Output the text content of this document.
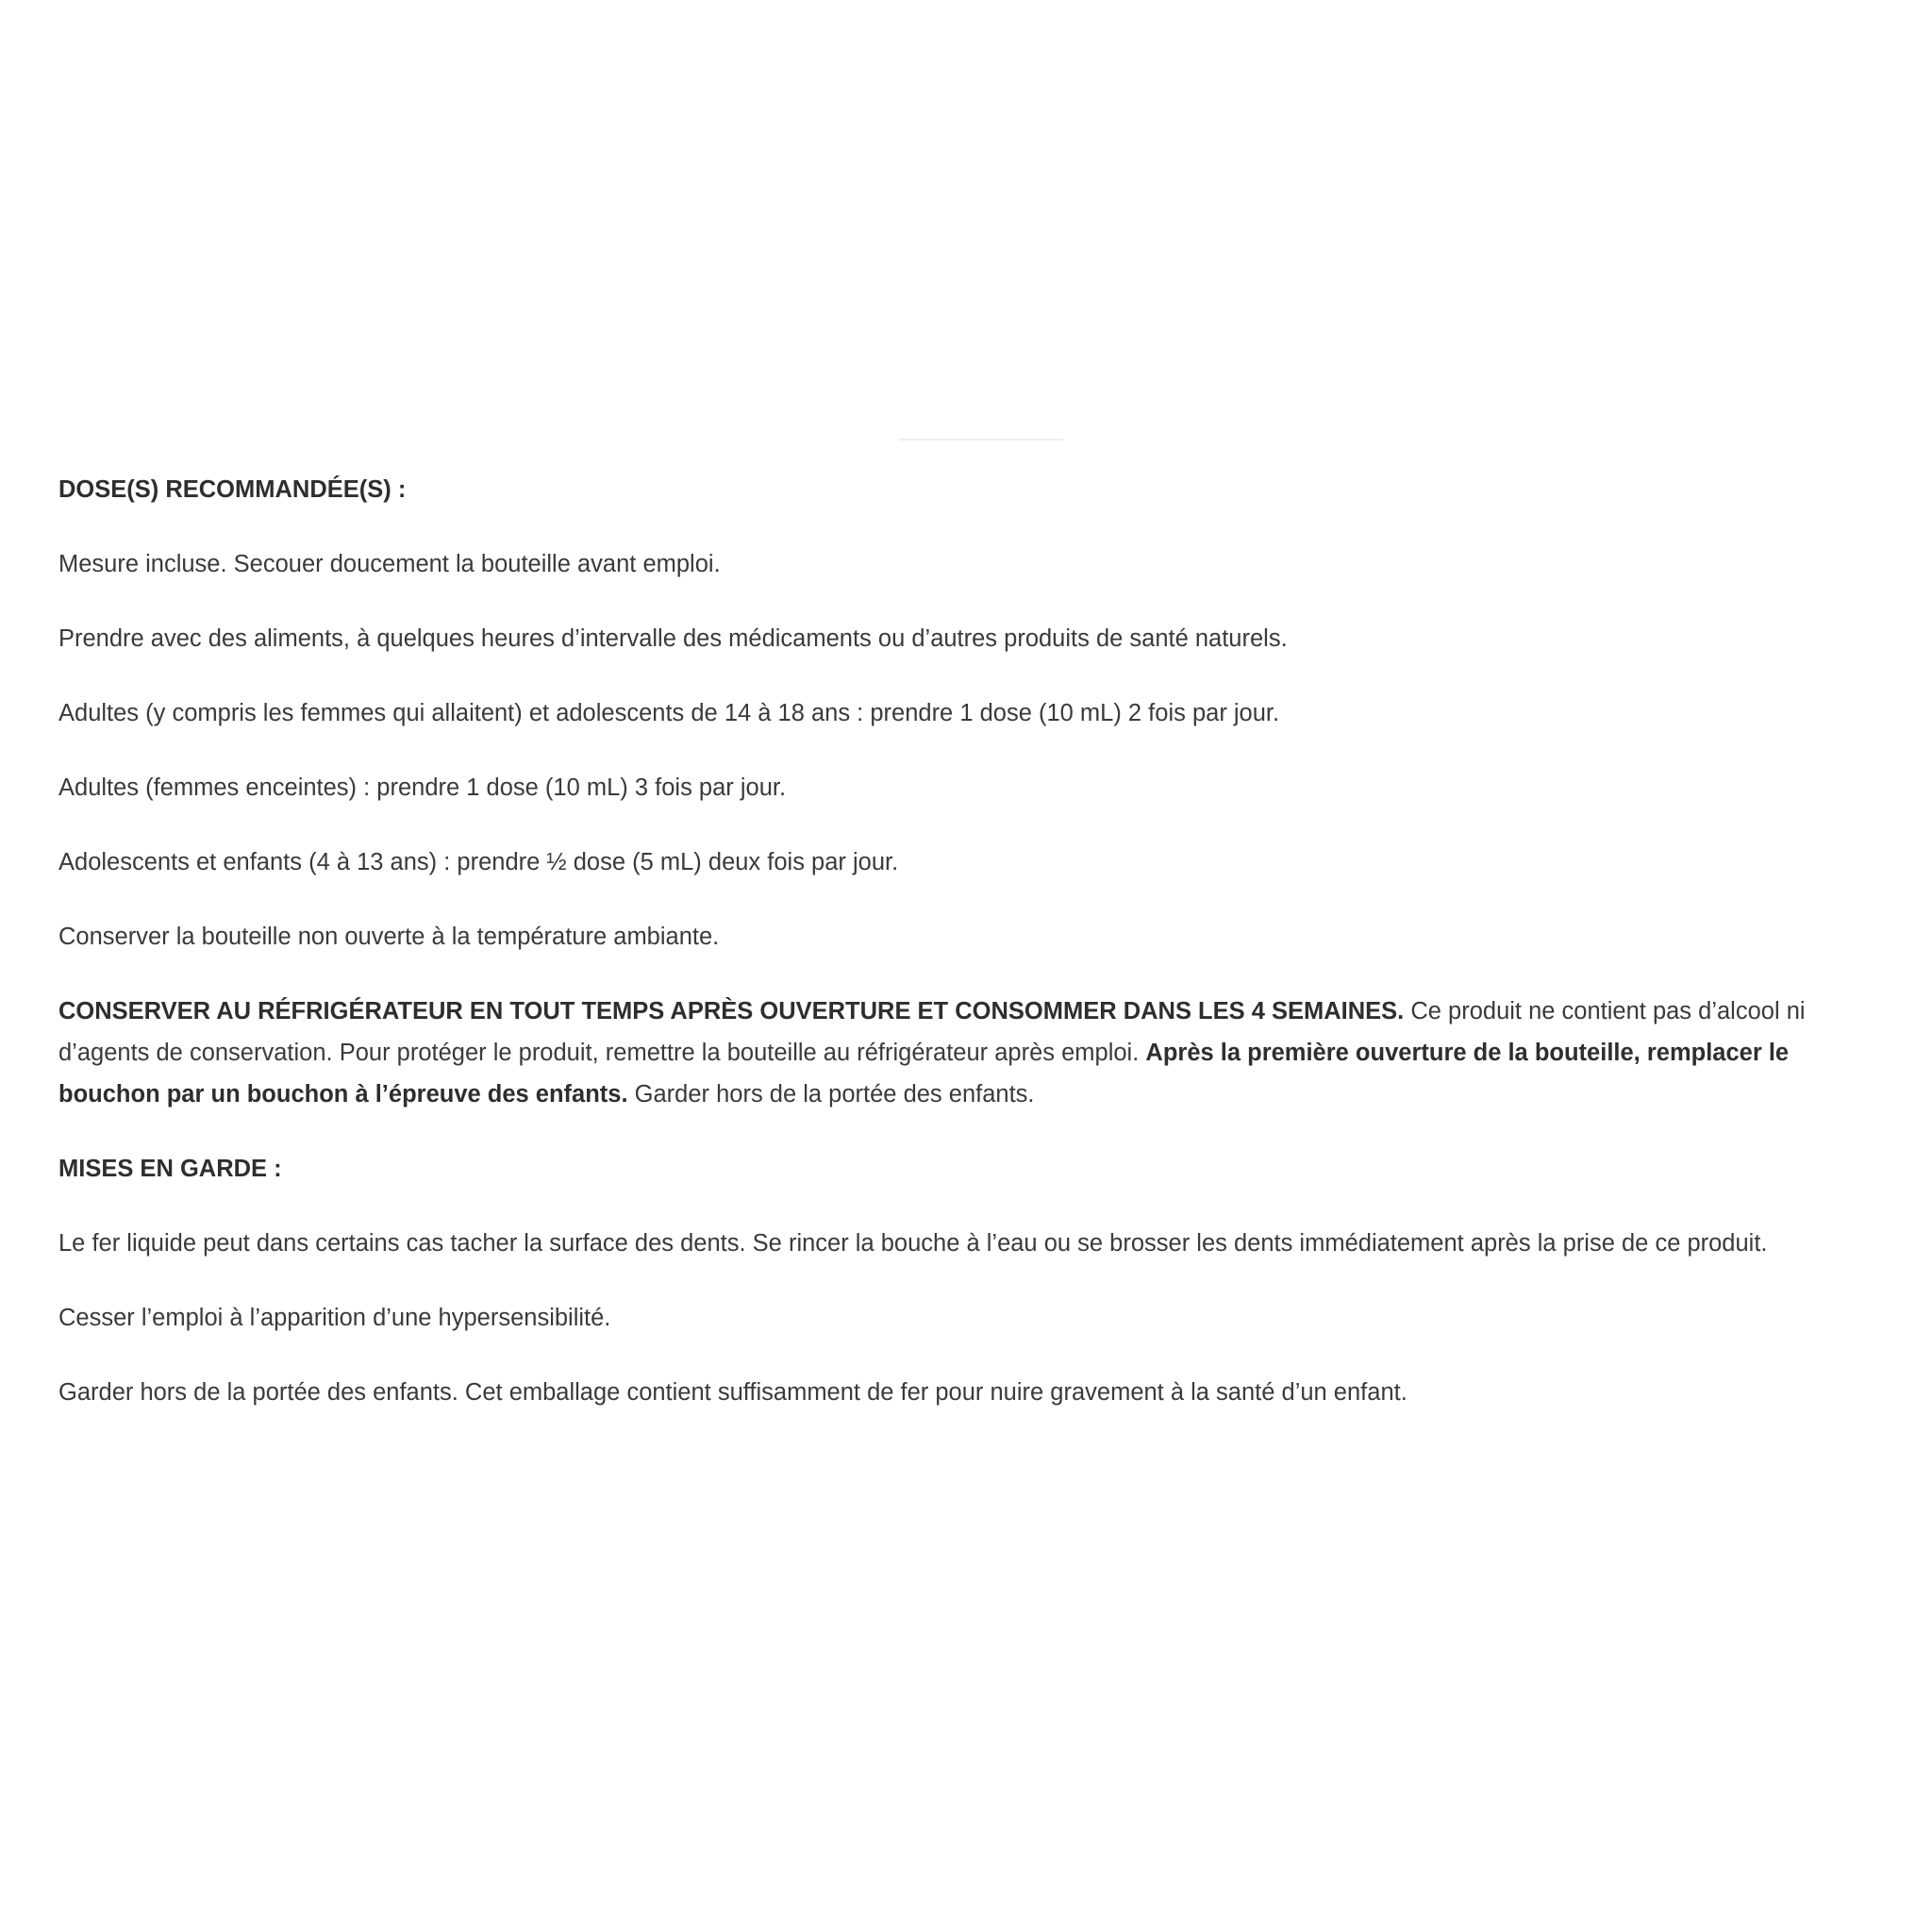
DOSE(S) RECOMMANDÉE(S) :
Mesure incluse. Secouer doucement la bouteille avant emploi.
Prendre avec des aliments, à quelques heures d’intervalle des médicaments ou d’autres produits de santé naturels.
Adultes (y compris les femmes qui allaitent) et adolescents de 14 à 18 ans : prendre 1 dose (10 mL) 2 fois par jour.
Adultes (femmes enceintes) : prendre 1 dose (10 mL) 3 fois par jour.
Adolescents et enfants (4 à 13 ans) : prendre ½ dose (5 mL) deux fois par jour.
Conserver la bouteille non ouverte à la température ambiante.
CONSERVER AU RÉFRIGÉRATEUR EN TOUT TEMPS APRÈS OUVERTURE ET CONSOMMER DANS LES 4 SEMAINES. Ce produit ne contient pas d’alcool ni d’agents de conservation. Pour protéger le produit, remettre la bouteille au réfrigérateur après emploi. Après la première ouverture de la bouteille, remplacer le bouchon par un bouchon à l’épreuve des enfants. Garder hors de la portée des enfants.
MISES EN GARDE :
Le fer liquide peut dans certains cas tacher la surface des dents. Se rincer la bouche à l’eau ou se brosser les dents immédiatement après la prise de ce produit.
Cesser l’emploi à l’apparition d’une hypersensibilité.
Garder hors de la portée des enfants. Cet emballage contient suffisamment de fer pour nuire gravement à la santé d’un enfant.
